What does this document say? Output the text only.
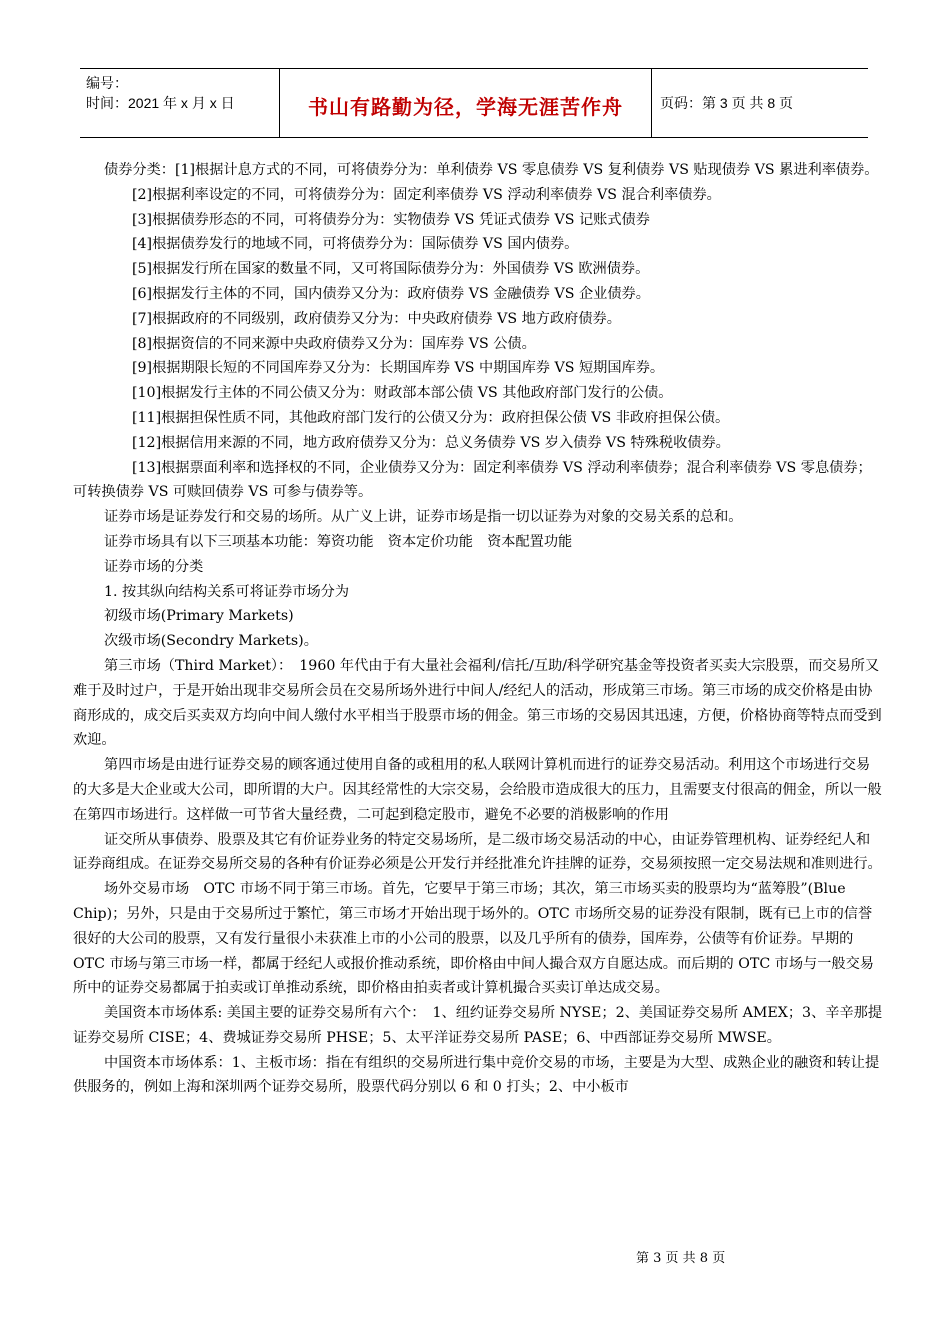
编号：
时间：2021 年 x 月 x 日	书山有路勤为径，学海无涯苦作舟	页码：第 3 页 共 8 页

债券分类：[1]根据计息方式的不同，可将债券分为：单利债券 VS 零息债券 VS 复利债券 VS 贴现债券 VS 累进利率债券。

[2]根据利率设定的不同，可将债券分为：固定利率债券 VS 浮动利率债券 VS 混合利率债券。

[3]根据债券形态的不同，可将债券分为：实物债券 VS 凭证式债券 VS 记账式债券

[4]根据债券发行的地域不同，可将债券分为：国际债券 VS 国内债券。

[5]根据发行所在国家的数量不同，又可将国际债券分为：外国债券 VS 欧洲债券。

[6]根据发行主体的不同，国内债券又分为：政府债券 VS 金融债券 VS 企业债券。

[7]根据政府的不同级别，政府债券又分为：中央政府债券 VS 地方政府债券。

[8]根据资信的不同来源中央政府债券又分为：国库券 VS 公债。

[9]根据期限长短的不同国库券又分为：长期国库券 VS 中期国库券 VS 短期国库券。

[10]根据发行主体的不同公债又分为：财政部本部公债 VS 其他政府部门发行的公债。

[11]根据担保性质不同，其他政府部门发行的公债又分为：政府担保公债 VS 非政府担保公债。

[12]根据信用来源的不同，地方政府债券又分为：总义务债券 VS 岁入债券 VS 特殊税收债券。

[13]根据票面利率和选择权的不同，企业债券又分为：固定利率债券 VS 浮动利率债券；混合利率债券 VS 零息债券；可转换债券 VS 可赎回债券 VS 可参与债券等。

证券市场是证券发行和交易的场所。从广义上讲，证券市场是指一切以证券为对象的交易关系的总和。

证券市场具有以下三项基本功能：筹资功能　资本定价功能　资本配置功能

证券市场的分类

1. 按其纵向结构关系可将证券市场分为

初级市场(Primary Markets)

次级市场(Secondry Markets)。

第三市场（Third Market）：　1960 年代由于有大量社会福利/信托/互助/科学研究基金等投资者买卖大宗股票，而交易所又难于及时过户，于是开始出现非交易所会员在交易所场外进行中间人/经纪人的活动，形成第三市场。第三市场的成交价格是由协商形成的，成交后买卖双方均向中间人缴付水平相当于股票市场的佣金。第三市场的交易因其迅速，方便，价格协商等特点而受到欢迎。

第四市场是由进行证券交易的顾客通过使用自备的或租用的私人联网计算机而进行的证券交易活动。利用这个市场进行交易的大多是大企业或大公司，即所谓的大户。因其经常性的大宗交易，会给股市造成很大的压力，且需要支付很高的佣金，所以一般在第四市场进行。这样做一可节省大量经费，二可起到稳定股市，避免不必要的消极影响的作用

证交所从事债券、股票及其它有价证券业务的特定交易场所，是二级市场交易活动的中心，由证券管理机构、证券经纪人和证券商组成。在证券交易所交易的各种有价证券必须是公开发行并经批准允许挂牌的证券，交易须按照一定交易法规和准则进行。

场外交易市场　OTC 市场不同于第三市场。首先，它要早于第三市场；其次，第三市场买卖的股票均为“蓝筹股”(Blue Chip)；另外，只是由于交易所过于繁忙，第三市场才开始出现于场外的。OTC 市场所交易的证券没有限制，既有已上市的信誉很好的大公司的股票，又有发行量很小未获准上市的小公司的股票，以及几乎所有的债券，国库券，公债等有价证券。早期的 OTC 市场与第三市场一样，都属于经纪人或报价推动系统，即价格由中间人撮合双方自愿达成。而后期的 OTC 市场与一般交易所中的证券交易都属于拍卖或订单推动系统，即价格由拍卖者或计算机撮合买卖订单达成交易。

美国资本市场体系: 美国主要的证券交易所有六个：　1、纽约证券交易所 NYSE；2、美国证券交易所 AMEX；3、辛辛那提证券交易所 CISE；4、费城证券交易所 PHSE；5、太平洋证券交易所 PASE；6、中西部证券交易所 MWSE。

中国资本市场体系：1、主板市场：指在有组织的交易所进行集中竞价交易的市场，主要是为大型、成熟企业的融资和转让提供服务的，例如上海和深圳两个证券交易所，股票代码分别以 6 和 0 打头；2、中小板市

第 3 页 共 8 页
